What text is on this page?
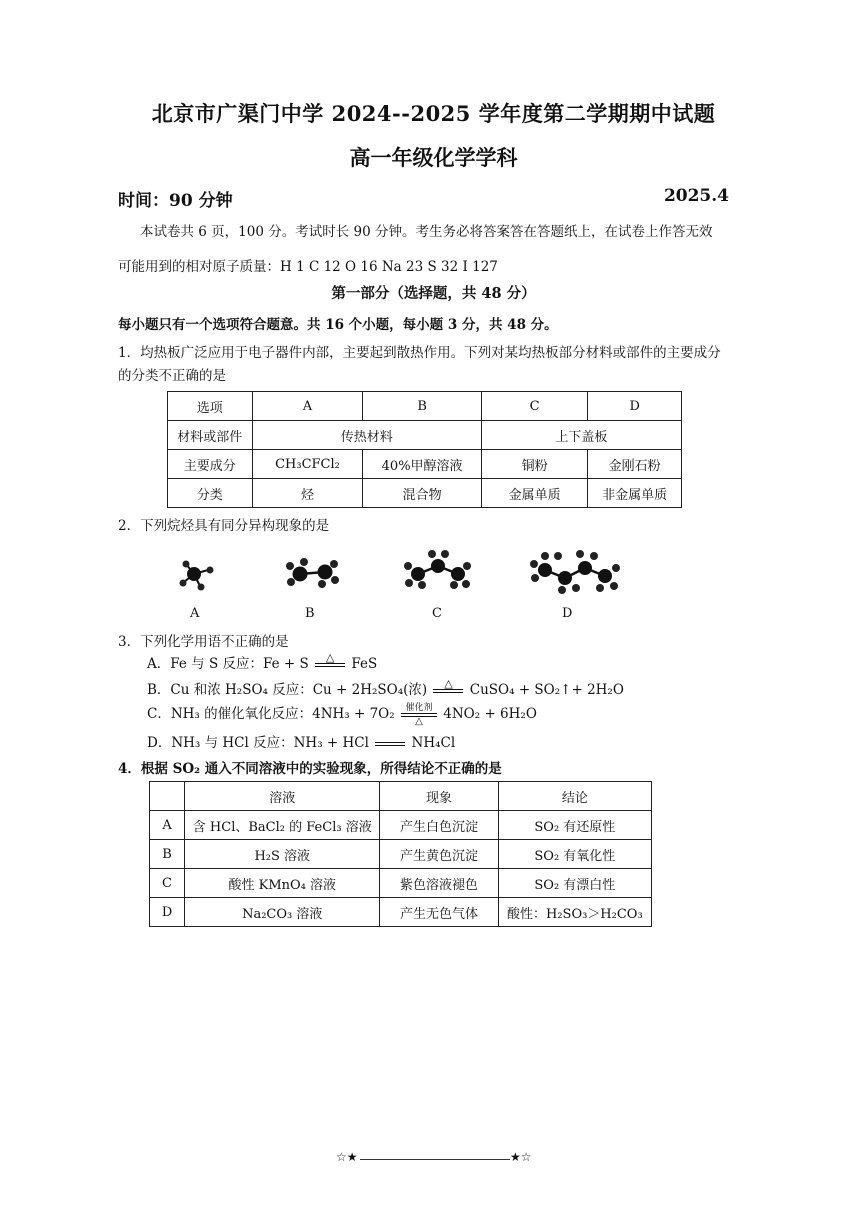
北京市广渠门中学 2024--2025 学年度第二学期期中试题
高一年级化学学科
时间：90 分钟	2025.4
本试卷共 6 页，100 分。考试时长 90 分钟。考生务必将答案答在答题纸上，在试卷上作答无效
可能用到的相对原子质量：H 1 C 12 O 16 Na 23 S 32 I 127
第一部分（选择题，共 48 分）
每小题只有一个选项符合题意。共 16 个小题，每小题 3 分，共 48 分。
1．均热板广泛应用于电子器件内部，主要起到散热作用。下列对某均热板部分材料或部件的主要成分
的分类不正确的是
选项	A	B	C	D
材料或部件	传热材料		上下盖板	
主要成分	CH₃CFCl₂	40%甲醇溶液	铜粉	金刚石粉
分类	烃	混合物	金属单质	非金属单质
2．下列烷烃具有同分异构现象的是
A	B	C	D
3．下列化学用语不正确的是
A．Fe 与 S 反应：Fe + S	△	FeS
B．Cu 和浓 H₂SO₄ 反应：Cu + 2H₂SO₄(浓)	△	CuSO₄ + SO₂↑+ 2H₂O
C．NH₃ 的催化氧化反应：4NH₃ + 7O₂	催化剂
△	4NO₂ + 6H₂O
D．NH₃ 与 HCl 反应：NH₃ + HCl	NH₄Cl
4．根据 SO₂ 通入不同溶液中的实验现象，所得结论不正确的是
	溶液	现象	结论
A	含 HCl、BaCl₂ 的 FeCl₃ 溶液	产生白色沉淀	SO₂ 有还原性
B	H₂S 溶液	产生黄色沉淀	SO₂ 有氧化性
C	酸性 KMnO₄ 溶液	紫色溶液褪色	SO₂ 有漂白性
D	Na₂CO₃ 溶液	产生无色气体	酸性：H₂SO₃＞H₂CO₃
☆★	★☆
